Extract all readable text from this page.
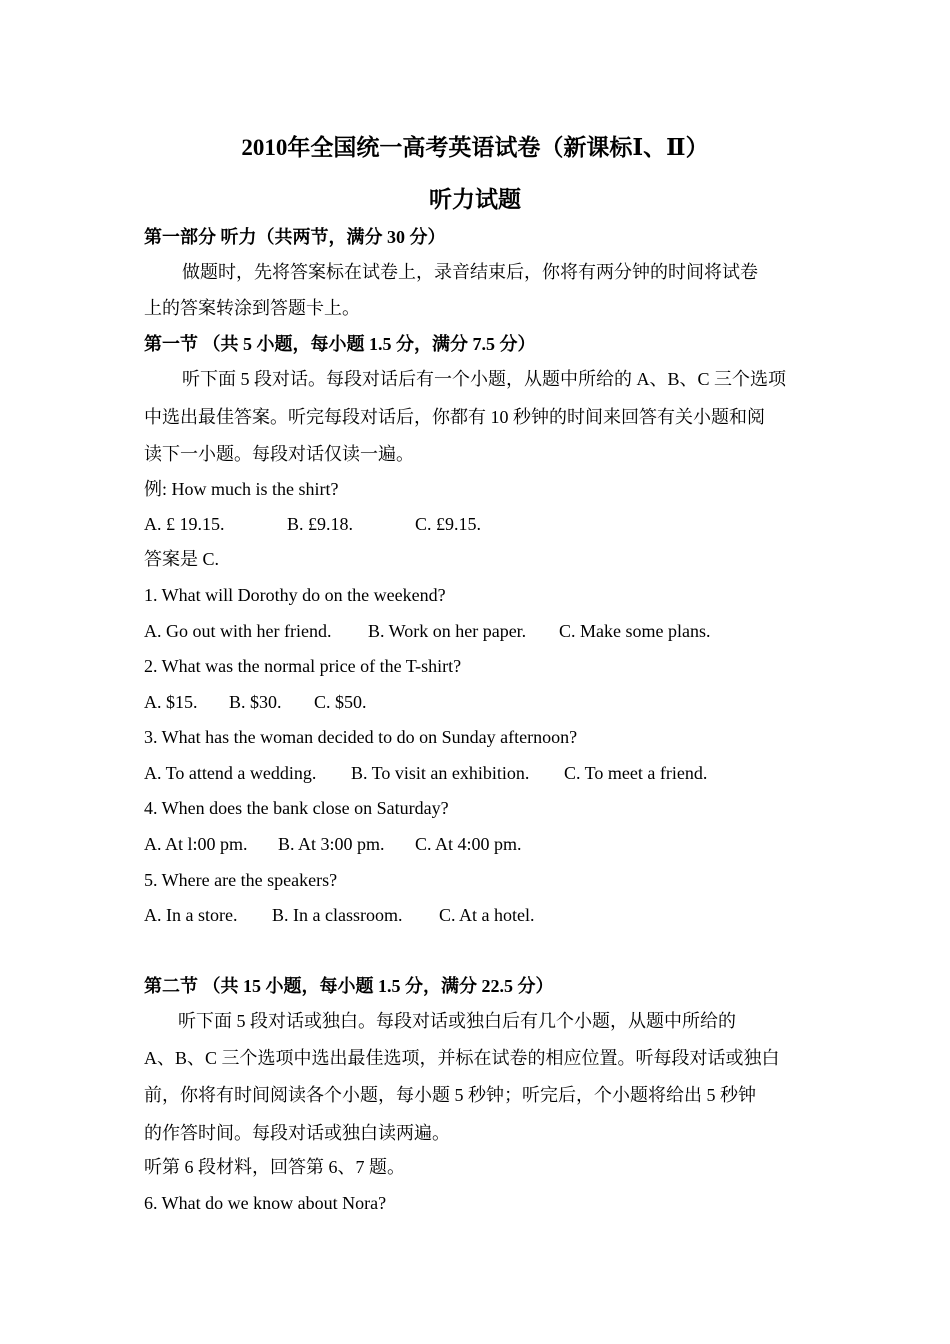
2010年全国统一高考英语试卷（新课标Ⅰ、Ⅱ）
听力试题
第一部分 听力（共两节，满分 30 分）
做题时，先将答案标在试卷上，录音结束后，你将有两分钟的时间将试卷
上的答案转涂到答题卡上。
第一节 （共 5 小题，每小题 1.5 分，满分 7.5 分）
听下面 5 段对话。每段对话后有一个小题，从题中所给的 A、B、C 三个选项
中选出最佳答案。听完每段对话后，你都有 10 秒钟的时间来回答有关小题和阅
读下一小题。每段对话仅读一遍。
例: How much is the shirt?
A. £ 19.15.	B. £9.18.	C. £9.15.
答案是 C.
1. What will Dorothy do on the weekend?
A. Go out with her friend. B. Work on her paper. C. Make some plans.
2. What was the normal price of the T-shirt?
A. $15. B. $30. C. $50.
3. What has the woman decided to do on Sunday afternoon?
A. To attend a wedding. B. To visit an exhibition. C. To meet a friend.
4. When does the bank close on Saturday?
A. At l:00 pm. B. At 3:00 pm. C. At 4:00 pm.
5. Where are the speakers?
A. In a store. B. In a classroom. C. At a hotel.
第二节 （共 15 小题，每小题 1.5 分，满分 22.5 分）
听下面 5 段对话或独白。每段对话或独白后有几个小题，从题中所给的
A、B、C 三个选项中选出最佳选项，并标在试卷的相应位置。听每段对话或独白
前，你将有时间阅读各个小题，每小题 5 秒钟；听完后，个小题将给出 5 秒钟
的作答时间。每段对话或独白读两遍。
听第 6 段材料，回答第 6、7 题。
6. What do we know about Nora?
